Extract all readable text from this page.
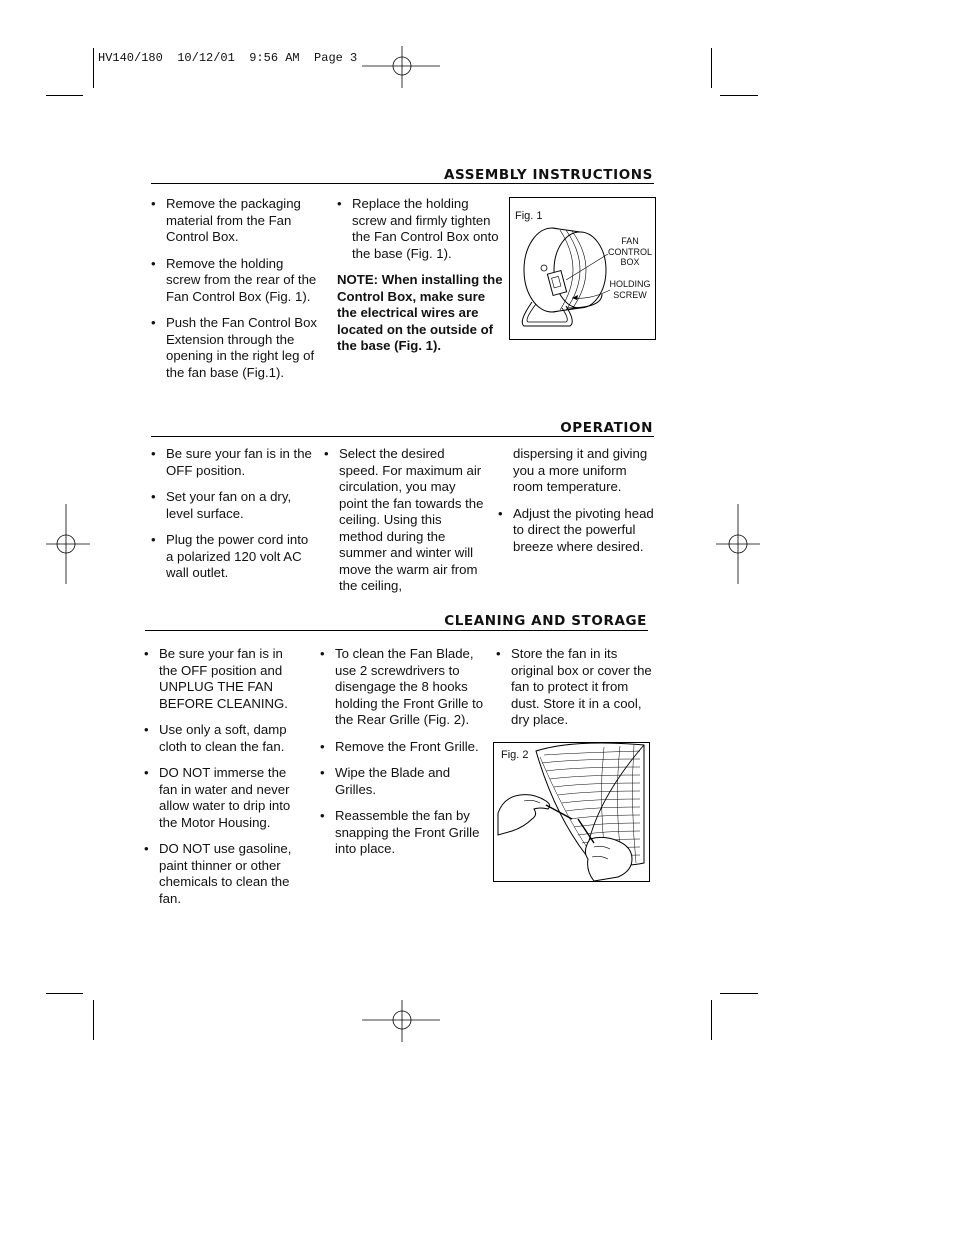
HV140/180  10/12/01  9:56 AM  Page 3
ASSEMBLY INSTRUCTIONS
• Remove the packaging material from the Fan Control Box.
• Remove the holding screw from the rear of the Fan Control Box (Fig. 1).
• Push the Fan Control Box Extension through the opening in the right leg of the fan base (Fig.1).
• Replace the holding screw and firmly tighten the Fan Control Box onto the base (Fig. 1).
NOTE: When installing the Control Box, make sure the electrical wires are located on the outside of the base (Fig. 1).
Fig. 1
FAN
CONTROL
BOX
HOLDING
SCREW
OPERATION
• Be sure your fan is in the OFF position.
• Set your fan on a dry, level surface.
• Plug the power cord into a polarized 120 volt AC wall outlet.
• Select the desired speed. For maximum air circulation, you may point the fan towards the ceiling. Using this method during the summer and winter will move the warm air from the ceiling,
dispersing it and giving you a more uniform room temperature.
• Adjust the pivoting head to direct the powerful breeze where desired.
CLEANING AND STORAGE
• Be sure your fan is in the OFF position and UNPLUG THE FAN BEFORE CLEANING.
• Use only a soft, damp cloth to clean the fan.
• DO NOT immerse the fan in water and never allow water to drip into the Motor Housing.
• DO NOT use gasoline, paint thinner or other chemicals to clean the fan.
• To clean the Fan Blade, use 2 screwdrivers to disengage the 8 hooks holding the Front Grille to the Rear Grille (Fig. 2).
• Remove the Front Grille.
• Wipe the Blade and Grilles.
• Reassemble the fan by snapping the Front Grille into place.
• Store the fan in its original box or cover the fan to protect it from dust. Store it in a cool, dry place.
Fig. 2
